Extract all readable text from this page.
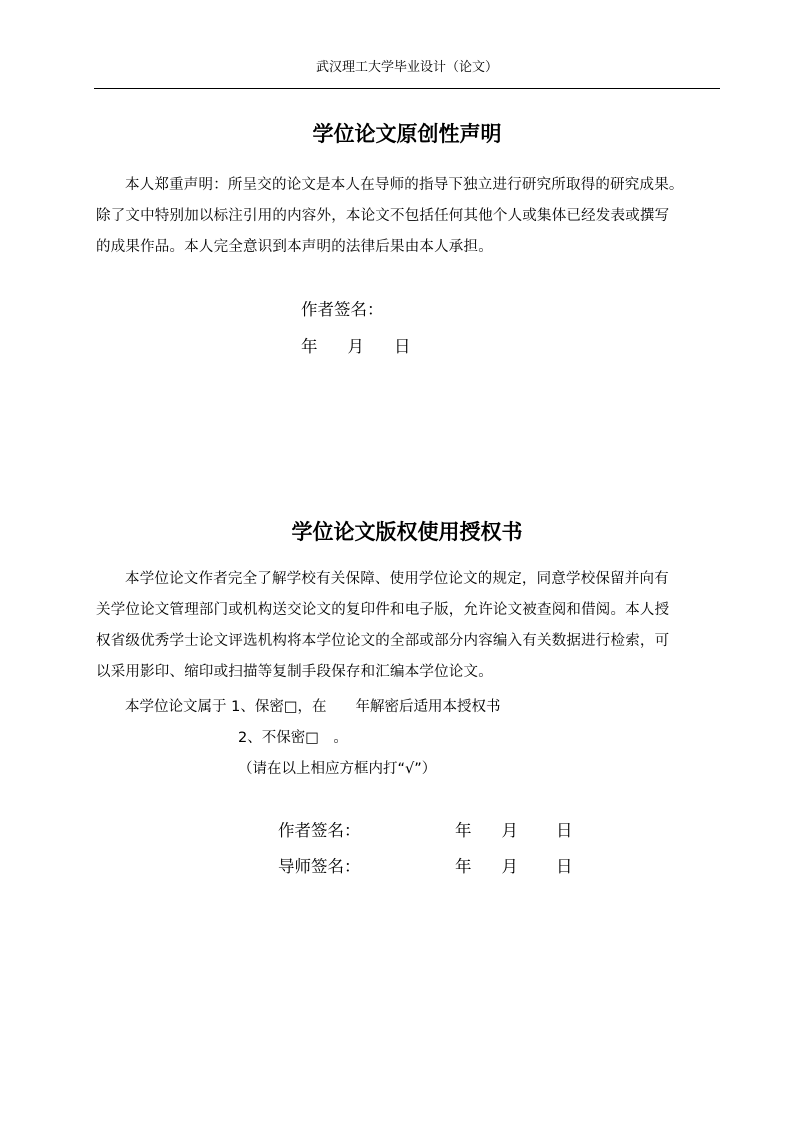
武汉理工大学毕业设计（论文）
学位论文原创性声明
本人郑重声明：所呈交的论文是本人在导师的指导下独立进行研究所取得的研究成果。
除了文中特别加以标注引用的内容外，本论文不包括任何其他个人或集体已经发表或撰写
的成果作品。本人完全意识到本声明的法律后果由本人承担。
作者签名：
年 月 日
学位论文版权使用授权书
本学位论文作者完全了解学校有关保障、使用学位论文的规定，同意学校保留并向有
关学位论文管理部门或机构送交论文的复印件和电子版，允许论文被查阅和借阅。本人授
权省级优秀学士论文评选机构将本学位论文的全部或部分内容编入有关数据进行检索，可
以采用影印、缩印或扫描等复制手段保存和汇编本学位论文。
本学位论文属于 1、保密□，在　　年解密后适用本授权书
2、不保密□　。
（请在以上相应方框内打“√”）
作者签名：	年 月 日
导师签名：	年 月 日
